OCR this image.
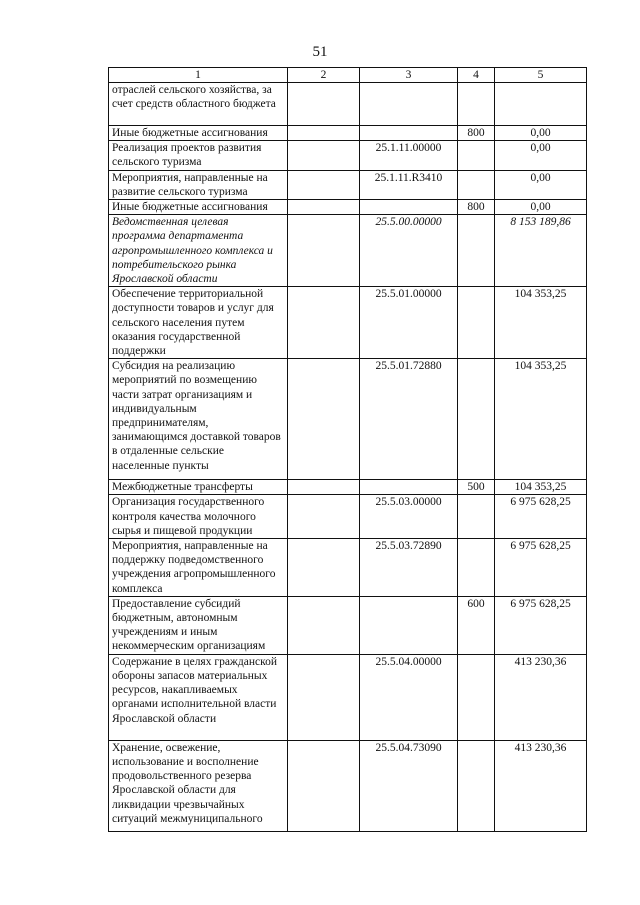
51
1	2	3	4	5
отраслей сельского хозяйства, за счет средств областного бюджета				
Иные бюджетные ассигнования			800	0,00
Реализация проектов развития сельского туризма		25.1.11.00000		0,00
Мероприятия, направленные на развитие сельского туризма		25.1.11.R3410		0,00
Иные бюджетные ассигнования			800	0,00
Ведомственная целевая программа департамента агропромышленного комплекса и потребительского рынка Ярославской области		25.5.00.00000		8 153 189,86
Обеспечение территориальной доступности товаров и услуг для сельского населения путем оказания государственной поддержки		25.5.01.00000		104 353,25
Субсидия на реализацию мероприятий по возмещению части затрат организациям и индивидуальным предпринимателям, занимающимся доставкой товаров в отдаленные сельские населенные пункты		25.5.01.72880		104 353,25
Межбюджетные трансферты			500	104 353,25
Организация государственного контроля качества молочного сырья и пищевой продукции		25.5.03.00000		6 975 628,25
Мероприятия, направленные на поддержку подведомственного учреждения агропромышленного комплекса		25.5.03.72890		6 975 628,25
Предоставление субсидий бюджетным, автономным учреждениям и иным некоммерческим организациям			600	6 975 628,25
Содержание в целях гражданской обороны запасов материальных ресурсов, накапливаемых органами исполнительной власти Ярославской области		25.5.04.00000		413 230,36
Хранение, освежение, использование и восполнение продовольственного резерва Ярославской области для ликвидации чрезвычайных ситуаций межмуниципального		25.5.04.73090		413 230,36
